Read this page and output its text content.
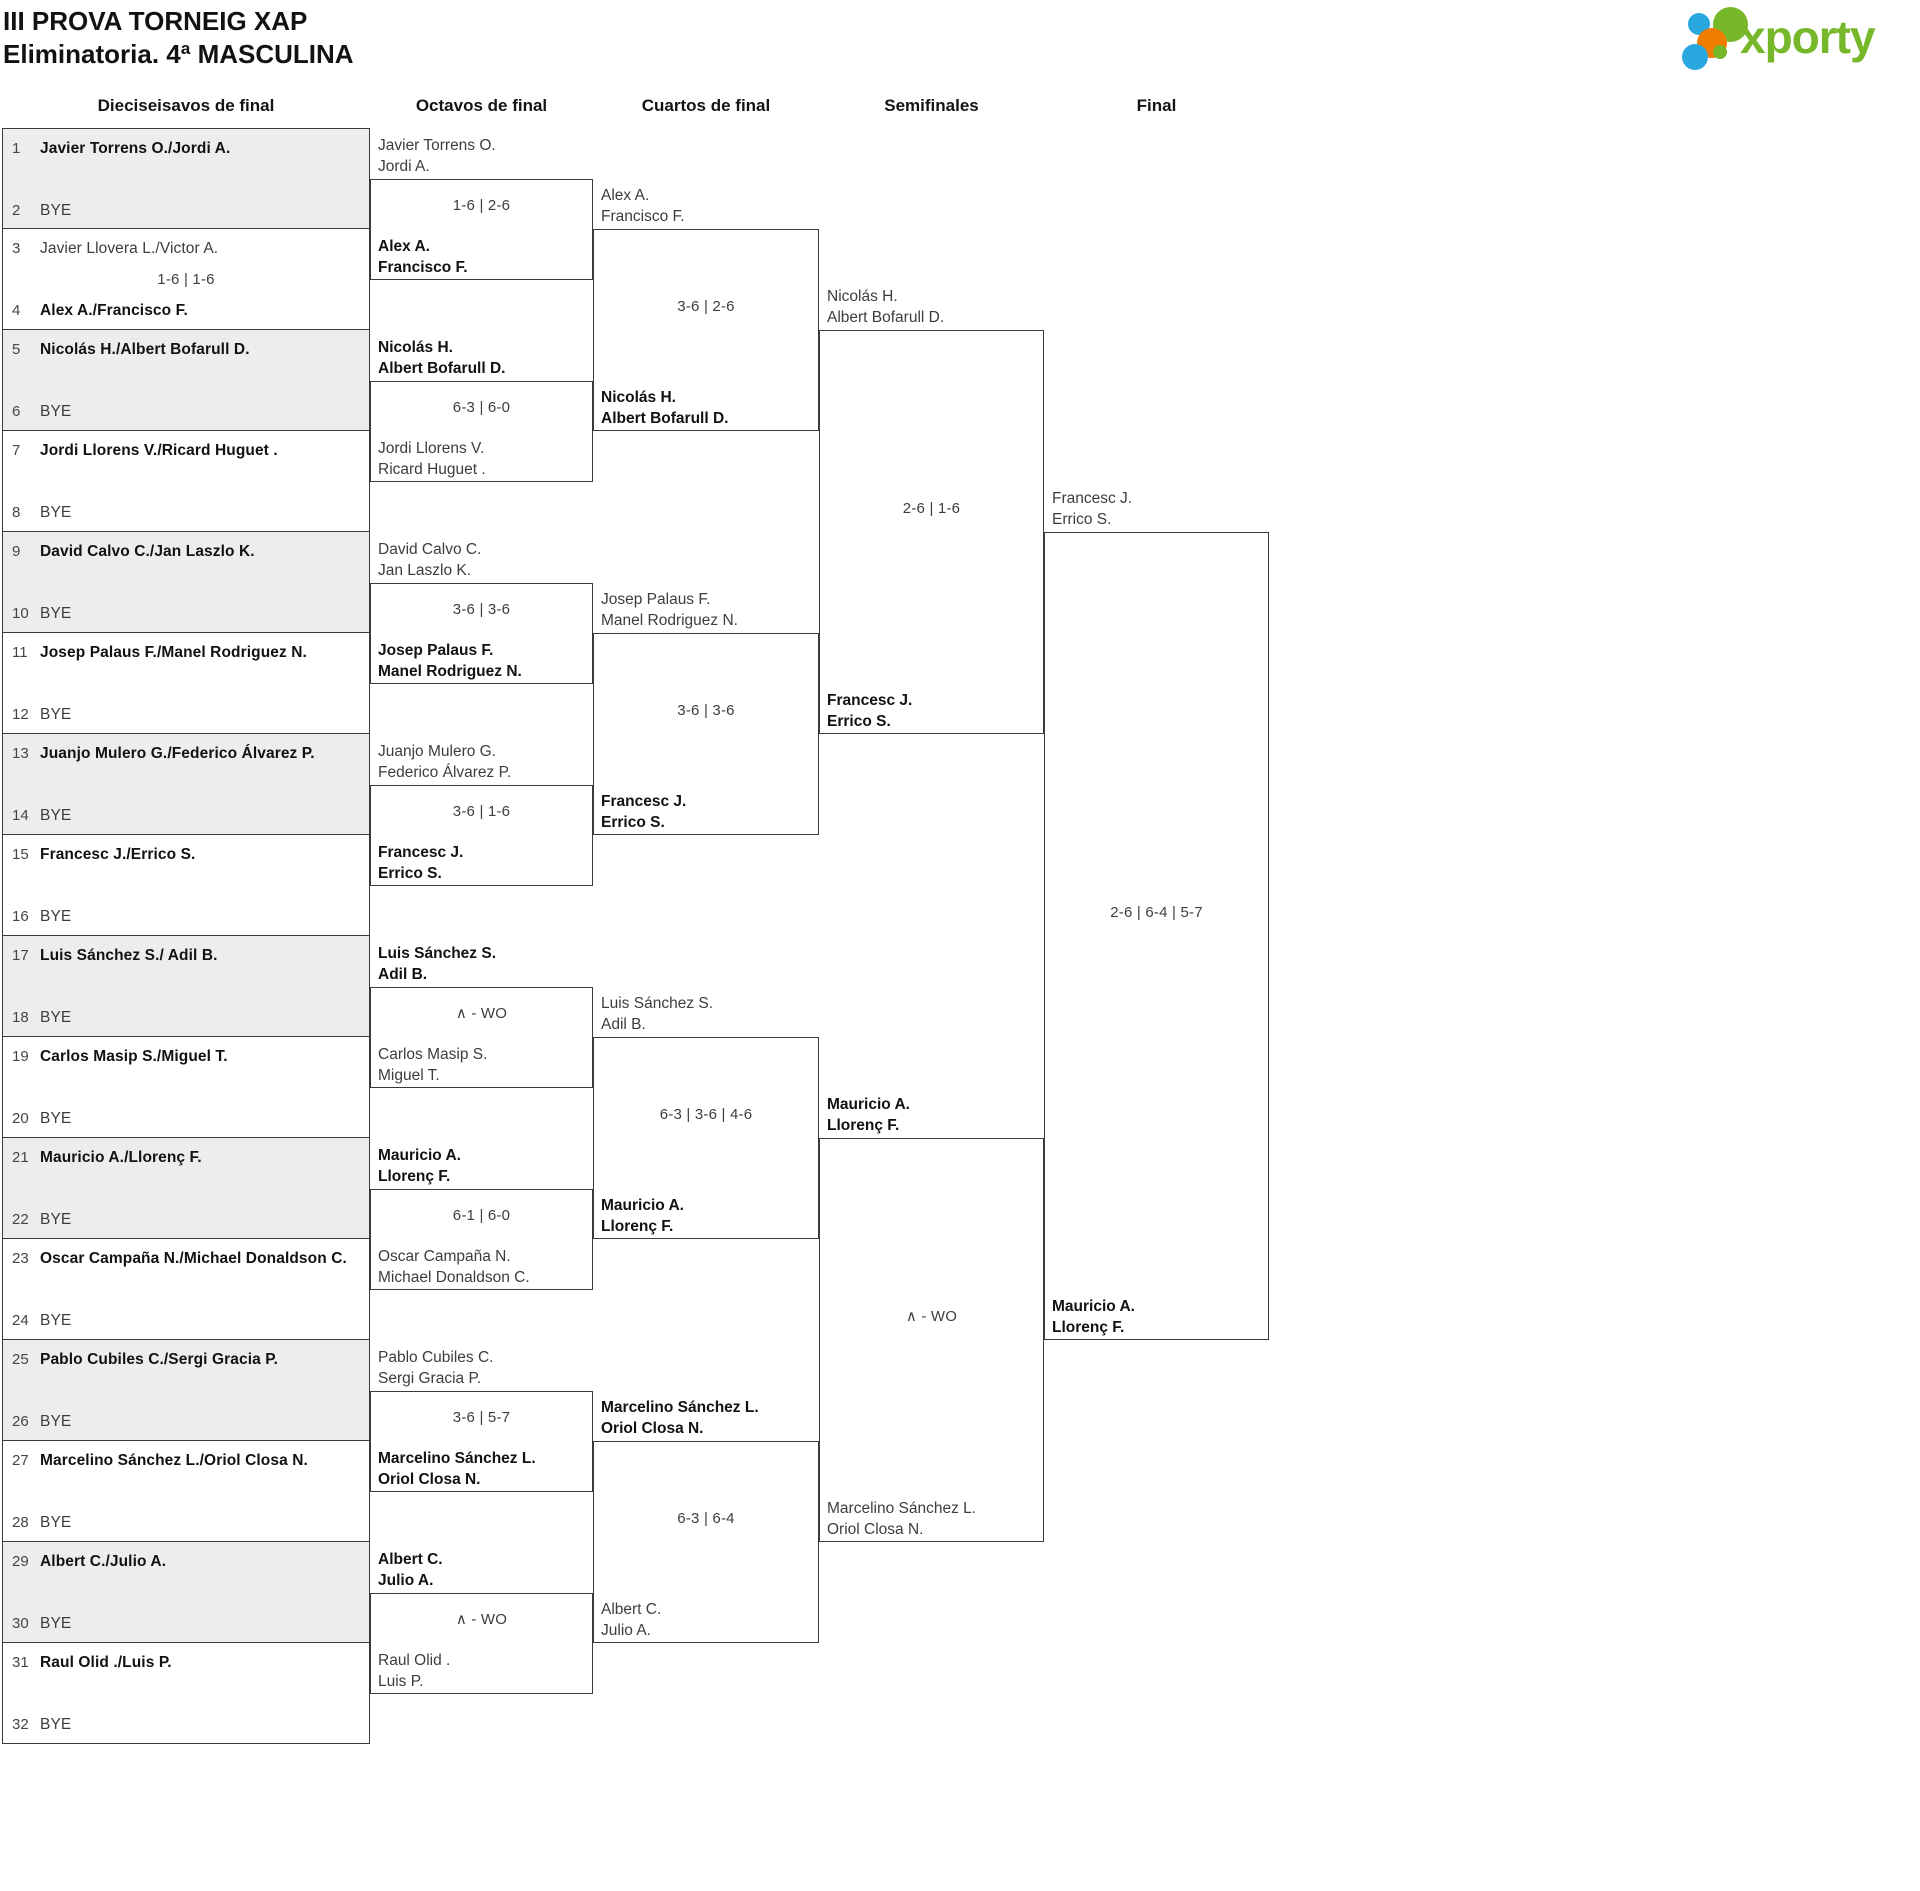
III PROVA TORNEIG XAP
Eliminatoria. 4ª MASCULINA	xporty
Dieciseisavos de final	Octavos de final	Cuartos de final	Semifinales	Final
1	Javier Torrens O./Jordi A.
2	BYE
3	Javier Llovera L./Victor A.
4	Alex A./Francisco F.
1-6 | 1-6
5	Nicolás H./Albert Bofarull D.
6	BYE
7	Jordi Llorens V./Ricard Huguet .
8	BYE
9	David Calvo C./Jan Laszlo K.
10 BYE
11 Josep Palaus F./Manel Rodriguez N.
12 BYE
13 Juanjo Mulero G./Federico Álvarez P.
14 BYE
15 Francesc J./Errico S.
16 BYE
17 Luis Sánchez S./ Adil B.
18 BYE
19 Carlos Masip S./Miguel T.
20 BYE
21 Mauricio A./Llorenç F.
22 BYE
23 Oscar Campaña N./Michael Donaldson C.
24 BYE
25 Pablo Cubiles C./Sergi Gracia P.
26 BYE
27 Marcelino Sánchez L./Oriol Closa N.
28 BYE
29 Albert C./Julio A.
30 BYE
31 Raul Olid ./Luis P.
32 BYE
Javier Torrens O.
Jordi A.
Alex A.
Francisco F.
1-6 | 2-6
Nicolás H.
Albert Bofarull D.
Jordi Llorens V.
Ricard Huguet .
6-3 | 6-0
David Calvo C.
Jan Laszlo K.
Josep Palaus F.
Manel Rodriguez N.
3-6 | 3-6
Juanjo Mulero G.
Federico Álvarez P.
Francesc J.
Errico S.
3-6 | 1-6
Luis Sánchez S.
Adil B.
Carlos Masip S.
Miguel T.
∧ - WO
Mauricio A.
Llorenç F.
Oscar Campaña N.
Michael Donaldson C.
6-1 | 6-0
Pablo Cubiles C.
Sergi Gracia P.
Marcelino Sánchez L.
Oriol Closa N.
3-6 | 5-7
Albert C.
Julio A.
Raul Olid .
Luis P.
∧ - WO
Alex A.
Francisco F.
Nicolás H.
Albert Bofarull D.
3-6 | 2-6
Josep Palaus F.
Manel Rodriguez N.
Francesc J.
Errico S.
3-6 | 3-6
Luis Sánchez S.
Adil B.
Mauricio A.
Llorenç F.
6-3 | 3-6 | 4-6
Marcelino Sánchez L.
Oriol Closa N.
Albert C.
Julio A.
6-3 | 6-4
Nicolás H.
Albert Bofarull D.
Francesc J.
Errico S.
2-6 | 1-6
Mauricio A.
Llorenç F.
Marcelino Sánchez L.
Oriol Closa N.
∧ - WO
Francesc J.
Errico S.
Mauricio A.
Llorenç F.
2-6 | 6-4 | 5-7
